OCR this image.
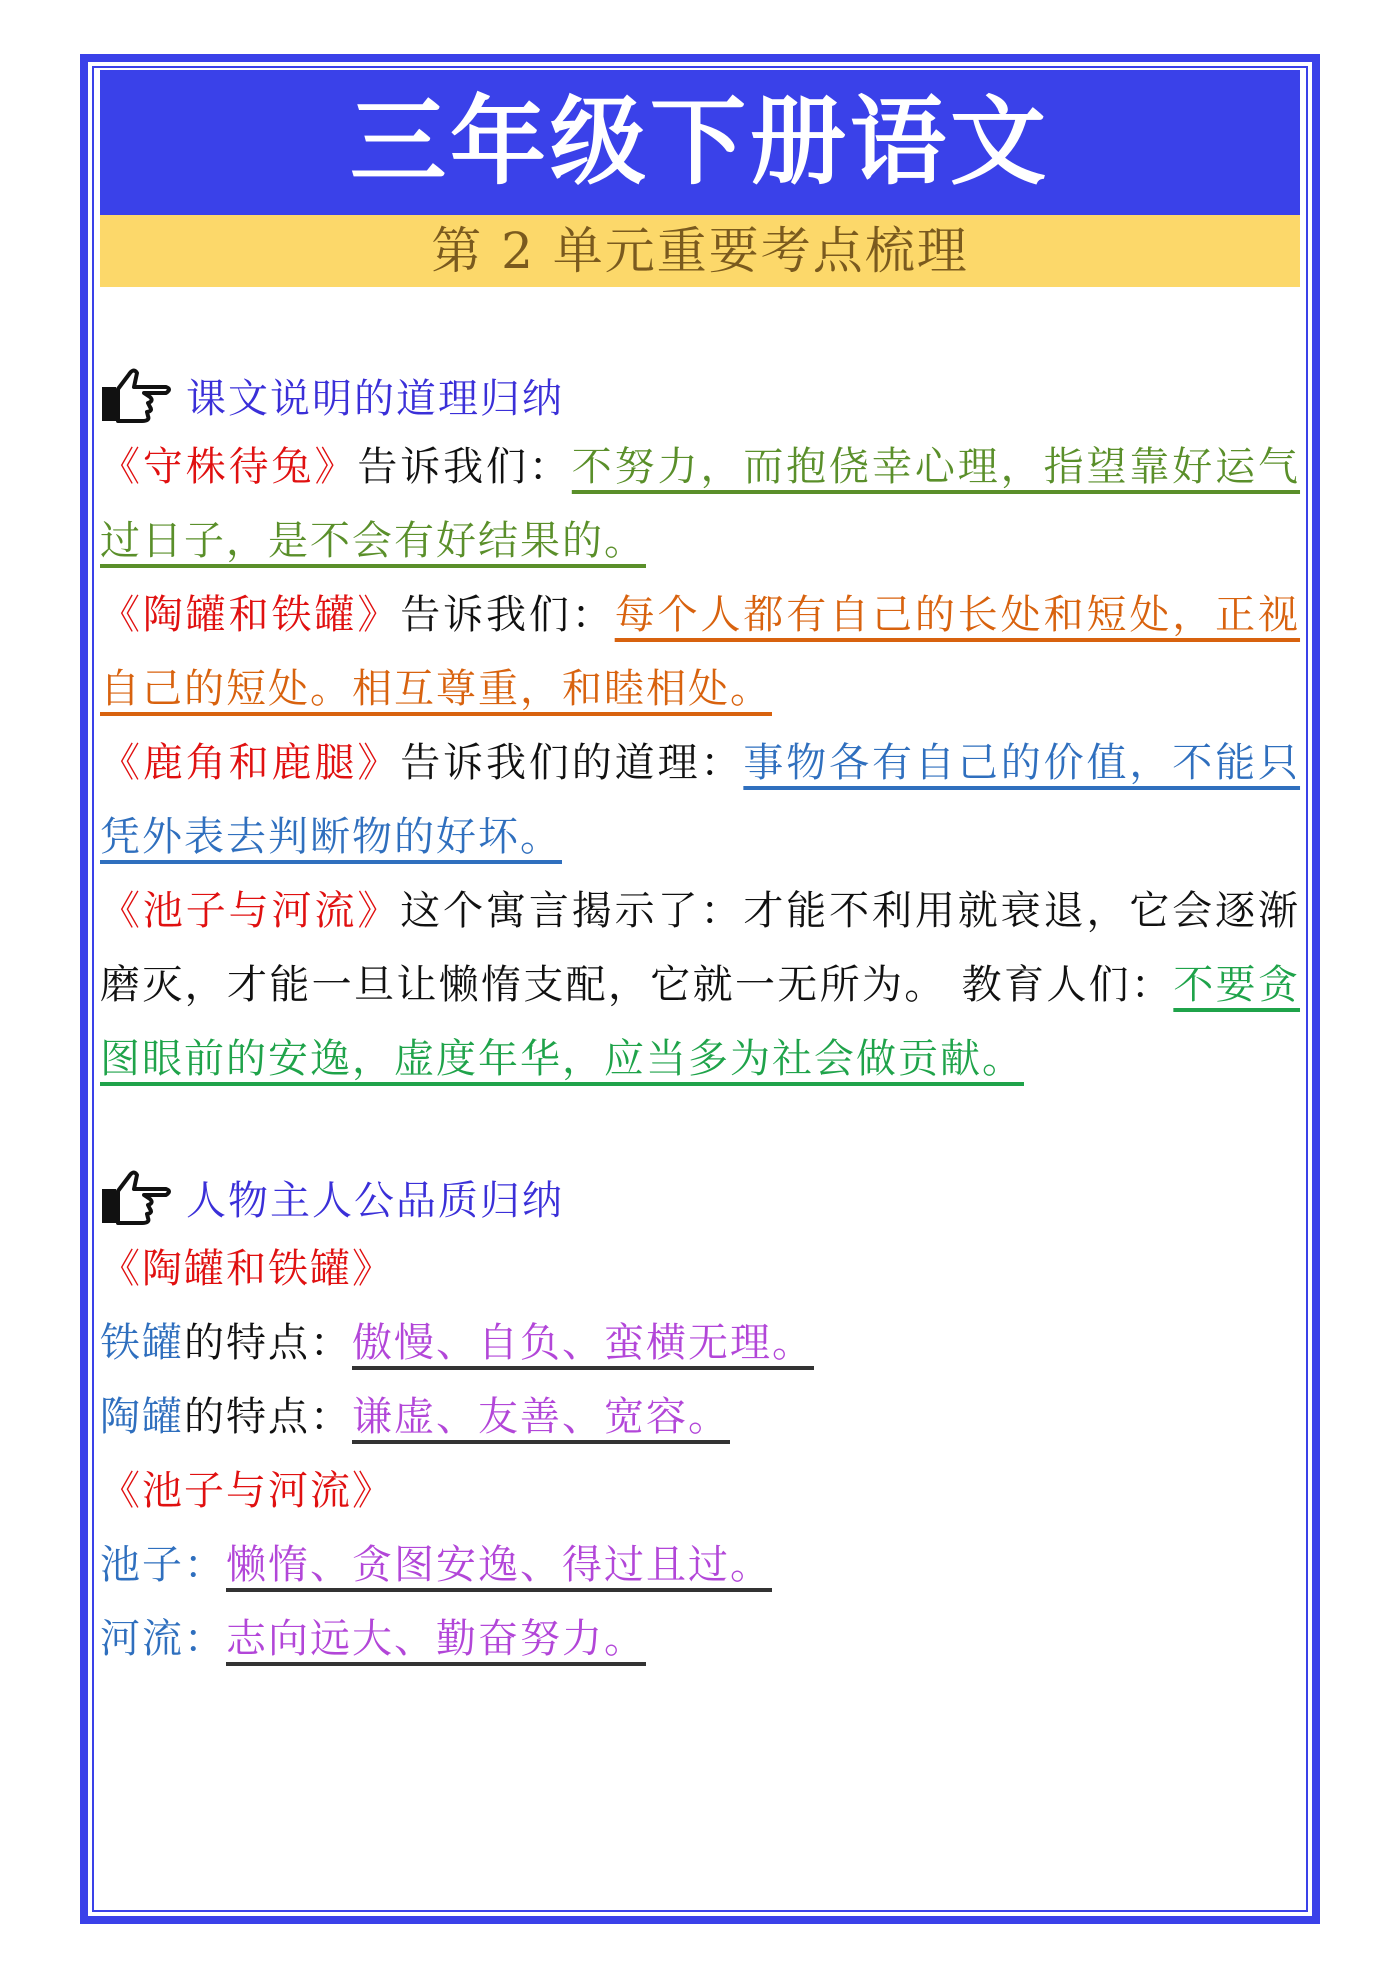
三年级下册语文
第 2 单元重要考点梳理
课文说明的道理归纳
《守株待兔》告诉我们：不努力，而抱侥幸心理，指望靠好运气过日子，是不会有好结果的。
《陶罐和铁罐》告诉我们：每个人都有自己的长处和短处，正视自己的短处。相互尊重，和睦相处。
《鹿角和鹿腿》告诉我们的道理：事物各有自己的价值，不能只凭外表去判断物的好坏。
《池子与河流》这个寓言揭示了：才能不利用就衰退，它会逐渐磨灭，才能一旦让懒惰支配，它就一无所为。 教育人们：不要贪图眼前的安逸，虚度年华，应当多为社会做贡献。
人物主人公品质归纳
《陶罐和铁罐》
铁罐的特点：傲慢、自负、蛮横无理。
陶罐的特点：谦虚、友善、宽容。
《池子与河流》
池子：懒惰、贪图安逸、得过且过。
河流：志向远大、勤奋努力。
